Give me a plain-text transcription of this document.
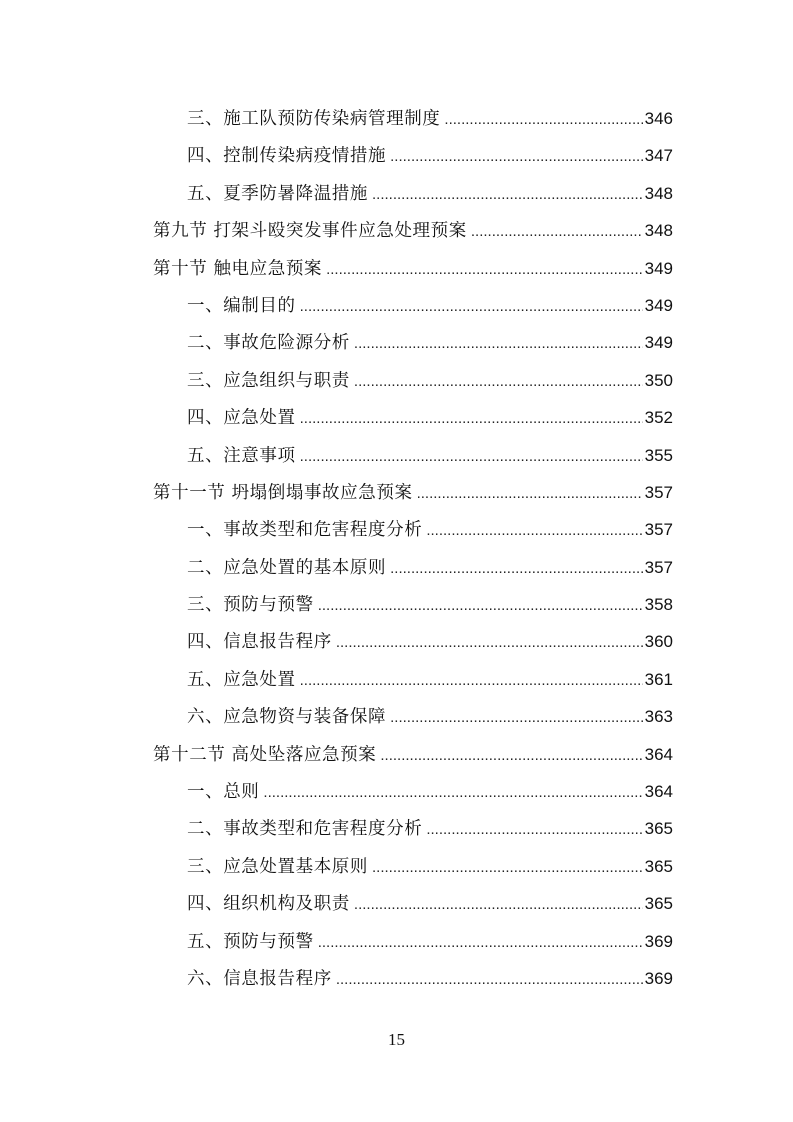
三、施工队预防传染病管理制度 .....	346
四、控制传染病疫情措施 .....	347
五、夏季防暑降温措施 .....	348
第九节 打架斗殴突发事件应急处理预案 .....	348
第十节 触电应急预案 .....	349
一、编制目的 .....	349
二、事故危险源分析 .....	349
三、应急组织与职责 .....	350
四、应急处置 .....	352
五、注意事项 .....	355
第十一节 坍塌倒塌事故应急预案 .....	357
一、事故类型和危害程度分析 .....	357
二、应急处置的基本原则 .....	357
三、预防与预警 .....	358
四、信息报告程序 .....	360
五、应急处置 .....	361
六、应急物资与装备保障 .....	363
第十二节 高处坠落应急预案 .....	364
一、总则 .....	364
二、事故类型和危害程度分析 .....	365
三、应急处置基本原则 .....	365
四、组织机构及职责 .....	365
五、预防与预警 .....	369
六、信息报告程序 .....	369
15
